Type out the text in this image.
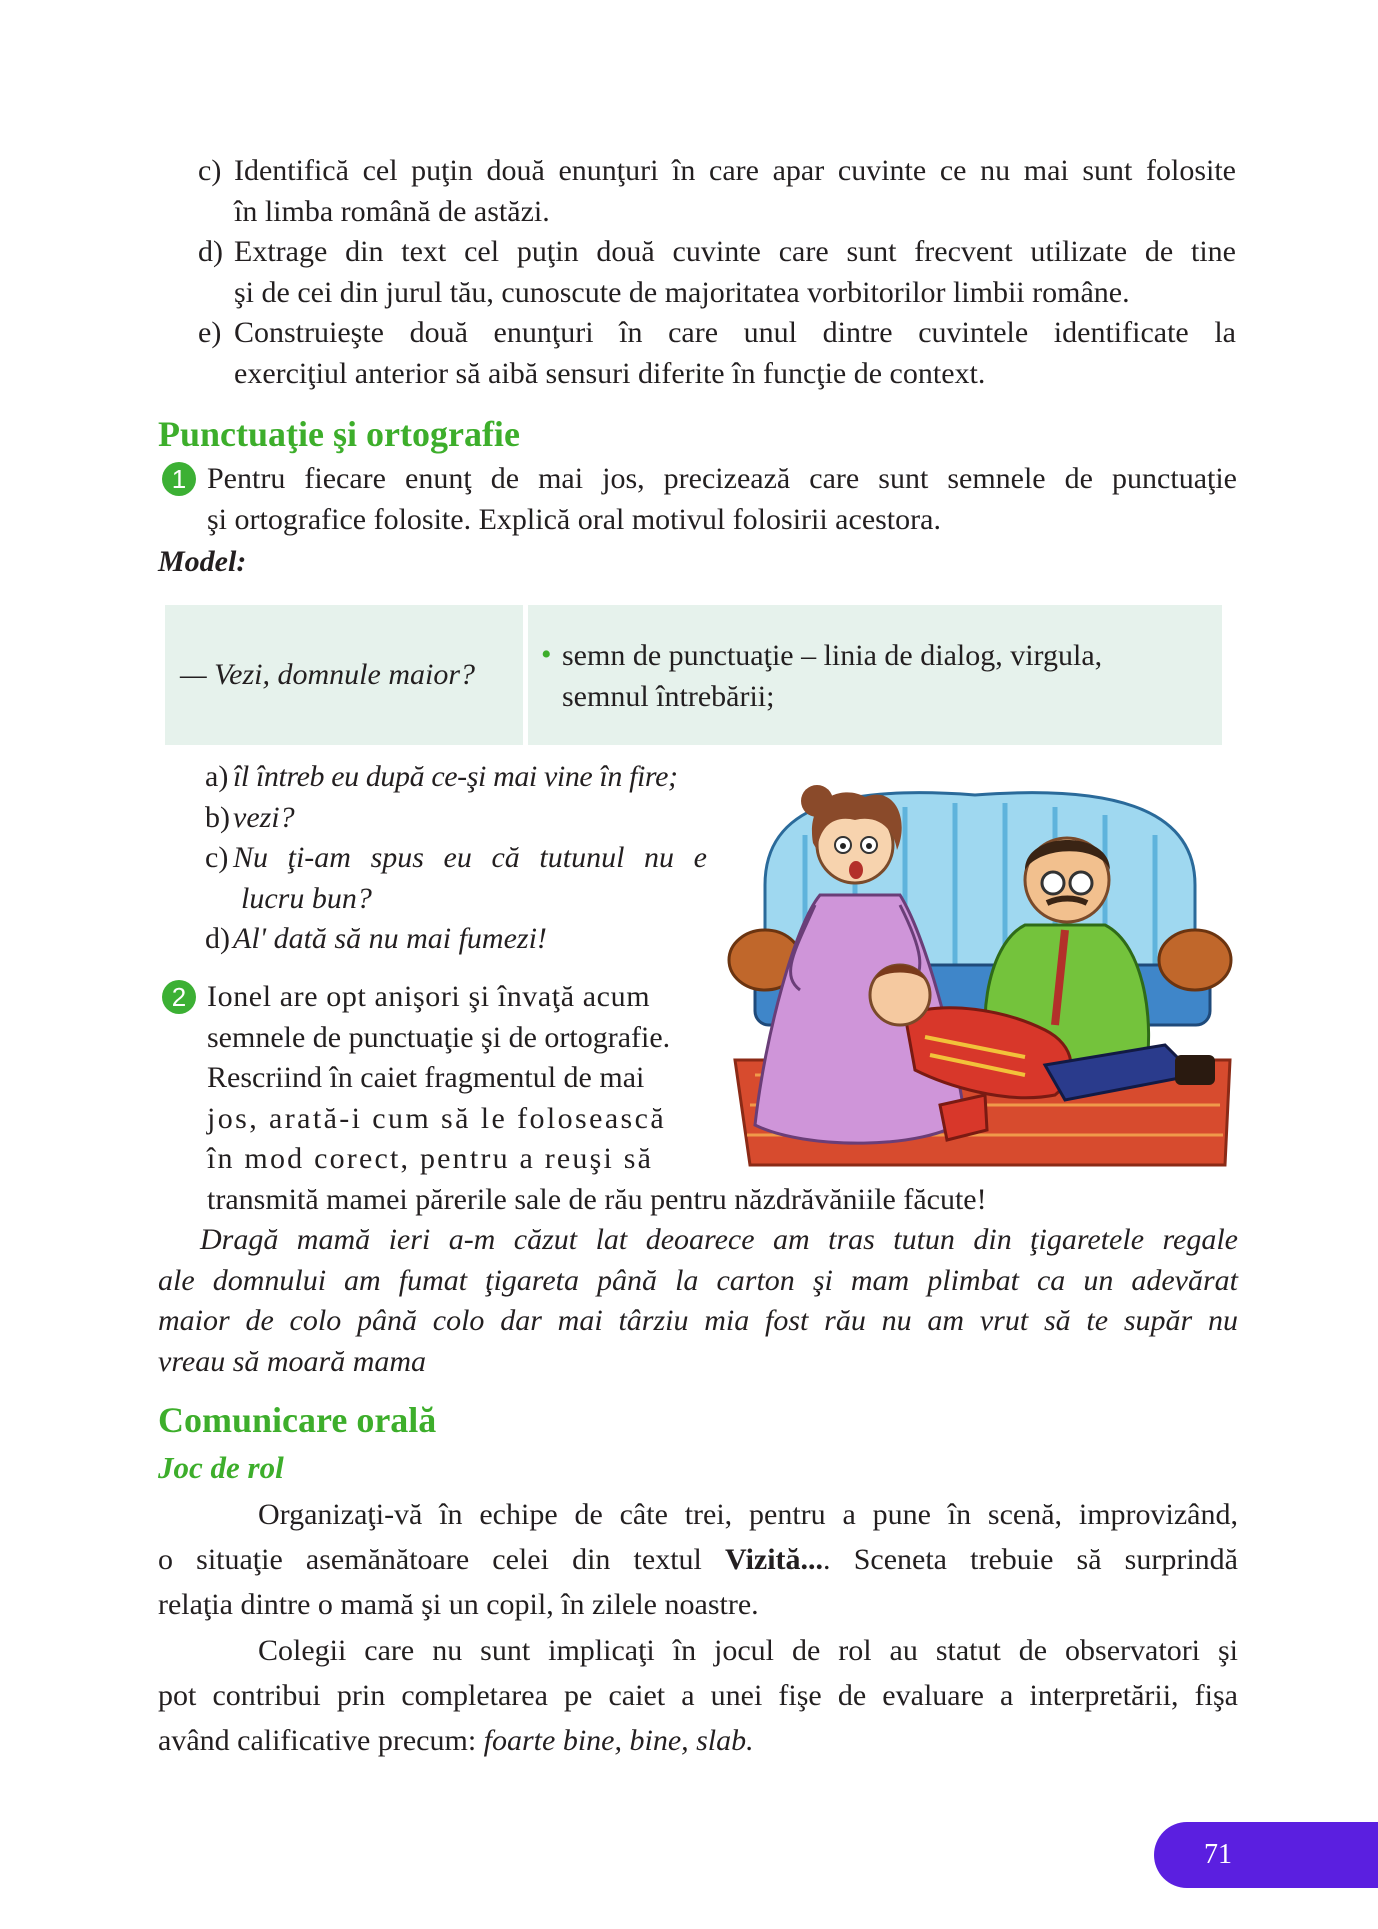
c) Identifică cel puţin două enunţuri în care apar cuvinte ce nu mai sunt folosite
în limba română de astăzi.
d) Extrage din text cel puţin două cuvinte care sunt frecvent utilizate de tine
şi de cei din jurul tău, cunoscute de majoritatea vorbitorilor limbii române.
e) Construieşte două enunţuri în care unul dintre cuvintele identificate la
exerciţiul anterior să aibă sensuri diferite în funcţie de context.
Punctuaţie şi ortografie
1 Pentru fiecare enunţ de mai jos, precizează care sunt semnele de punctuaţie
şi ortografice folosite. Explică oral motivul folosirii acestora.
Model:
— Vezi, domnule maior?
• semn de punctuaţie – linia de dialog, virgula,
semnul întrebării;
a) îl întreb eu după ce-şi mai vine în fire;
b) vezi?
c) Nu ţi-am spus eu că tutunul nu e
lucru bun?
d) Al' dată să nu mai fumezi!
2 Ionel are opt anişori şi învaţă acum
semnele de punctuaţie şi de ortografie.
Rescriind în caiet fragmentul de mai
jos, arată-i cum să le folosească
în mod corect, pentru a reuşi să
transmită mamei părerile sale de rău pentru năzdrăvăniile făcute!
Dragă mamă ieri a-m căzut lat deoarece am tras tutun din ţigaretele regale
ale domnului am fumat ţigareta până la carton şi mam plimbat ca un adevărat
maior de colo până colo dar mai târziu mia fost rău nu am vrut să te supăr nu
vreau să moară mama
Comunicare orală
Joc de rol
Organizaţi-vă în echipe de câte trei, pentru a pune în scenă, improvizând,
o situaţie asemănătoare celei din textul Vizită.... Sceneta trebuie să surprindă
relaţia dintre o mamă şi un copil, în zilele noastre.
Colegii care nu sunt implicaţi în jocul de rol au statut de observatori şi
pot contribui prin completarea pe caiet a unei fişe de evaluare a interpretării, fişa
având calificative precum: foarte bine, bine, slab.
71
